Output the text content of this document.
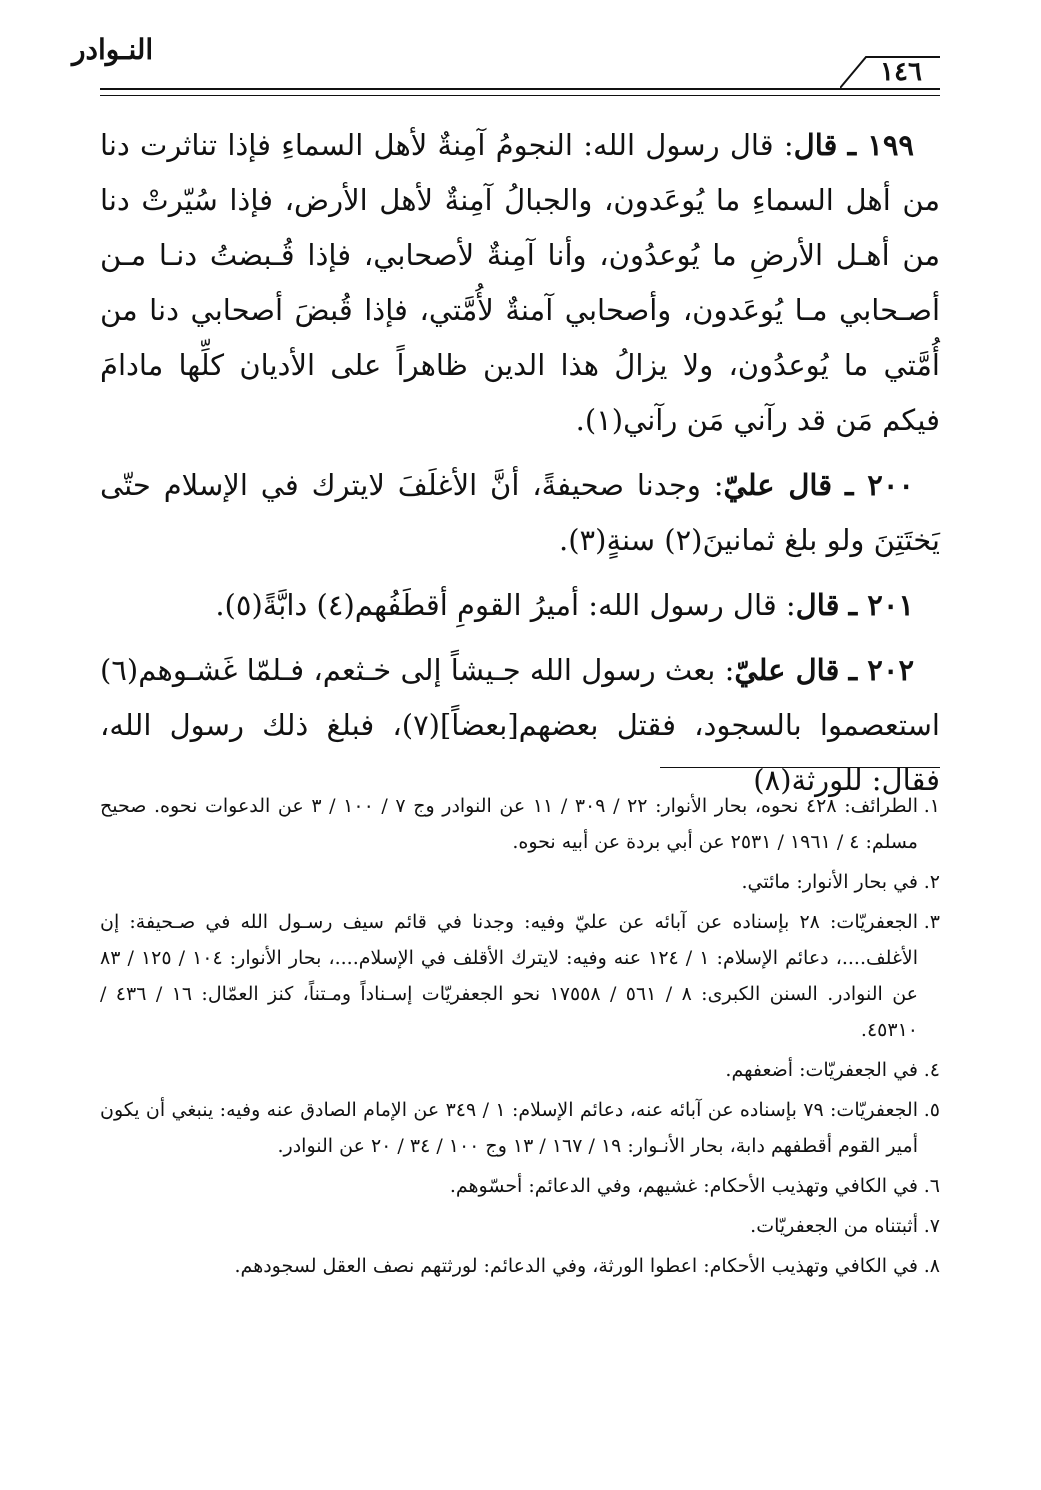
النـوادر
١٤٦

١٩٩ ـ قال: قال رسول الله: النجومُ آمِنةٌ لأهل السماءِ فإذا تناثرت دنا من أهل السماءِ ما يُوعَدون، والجبالُ آمِنةٌ لأهل الأرض، فإذا سُيّرتْ دنا من أهـل الأرضِ ما يُوعدُون، وأنا آمِنةٌ لأصحابي، فإذا قُـبضتُ دنـا مـن أصـحابي مـا يُوعَدون، وأصحابي آمنةٌ لأُمَّتي، فإذا قُبضَ أصحابي دنا من أُمَّتي ما يُوعدُون، ولا يزالُ هذا الدين ظاهراً على الأديان كلِّها مادامَ فيكم مَن قد رآني مَن رآني(١).

٢٠٠ ـ قال عليّ: وجدنا صحيفةً، أنَّ الأغلَفَ لايترك في الإسلام حتّى يَختَتِنَ ولو بلغ ثمانينَ(٢) سنةٍ(٣).

٢٠١ ـ قال: قال رسول الله: أميرُ القومِ أقطَفُهم(٤) دابَّةً(٥).

٢٠٢ ـ قال عليّ: بعث رسول الله جـيشاً إلى خـثعم، فـلمّا غَشـوهم(٦) استعصموا بالسجود، فقتل بعضهم[بعضاً](٧)، فبلغ ذلك رسول الله، فقال: للورثة(٨)

١.
الطرائف: ٤٢٨ نحوه، بحار الأنوار: ٢٢ / ٣٠٩ / ١١ عن النوادر وج ٧ / ١٠٠ / ٣ عن الدعوات نحوه. صحيح مسلم: ٤ / ١٩٦١ / ٢٥٣١ عن أبي بردة عن أبيه نحوه.
٢.
في بحار الأنوار: مائتي.
٣.
الجعفريّات: ٢٨ بإسناده عن آبائه عن عليّ وفيه: وجدنا في قائم سيف رسـول الله في صـحيفة: إن الأغلف....، دعائم الإسلام: ١ / ١٢٤ عنه وفيه: لايترك الأقلف في الإسلام....، بحار الأنوار: ١٠٤ / ١٢٥ / ٨٣ عن النوادر. السنن الكبرى: ٨ / ٥٦١ / ١٧٥٥٨ نحو الجعفريّات إسـناداً ومـتناً، كنز العمّال: ١٦ / ٤٣٦ / ٤٥٣١٠.
٤.
في الجعفريّات: أضعفهم.
٥.
الجعفريّات: ٧٩ بإسناده عن آبائه عنه، دعائم الإسلام: ١ / ٣٤٩ عن الإمام الصادق عنه وفيه: ينبغي أن يكون أمير القوم أقطفهم دابة، بحار الأنـوار: ١٩ / ١٦٧ / ١٣ وج ١٠٠ / ٣٤ / ٢٠ عن النوادر.
٦.
في الكافي وتهذيب الأحكام: غشيهم، وفي الدعائم: أحسّوهم.
٧.
أثبتناه من الجعفريّات.
٨.
في الكافي وتهذيب الأحكام: اعطوا الورثة، وفي الدعائم: لورثتهم نصف العقل لسجودهم.
